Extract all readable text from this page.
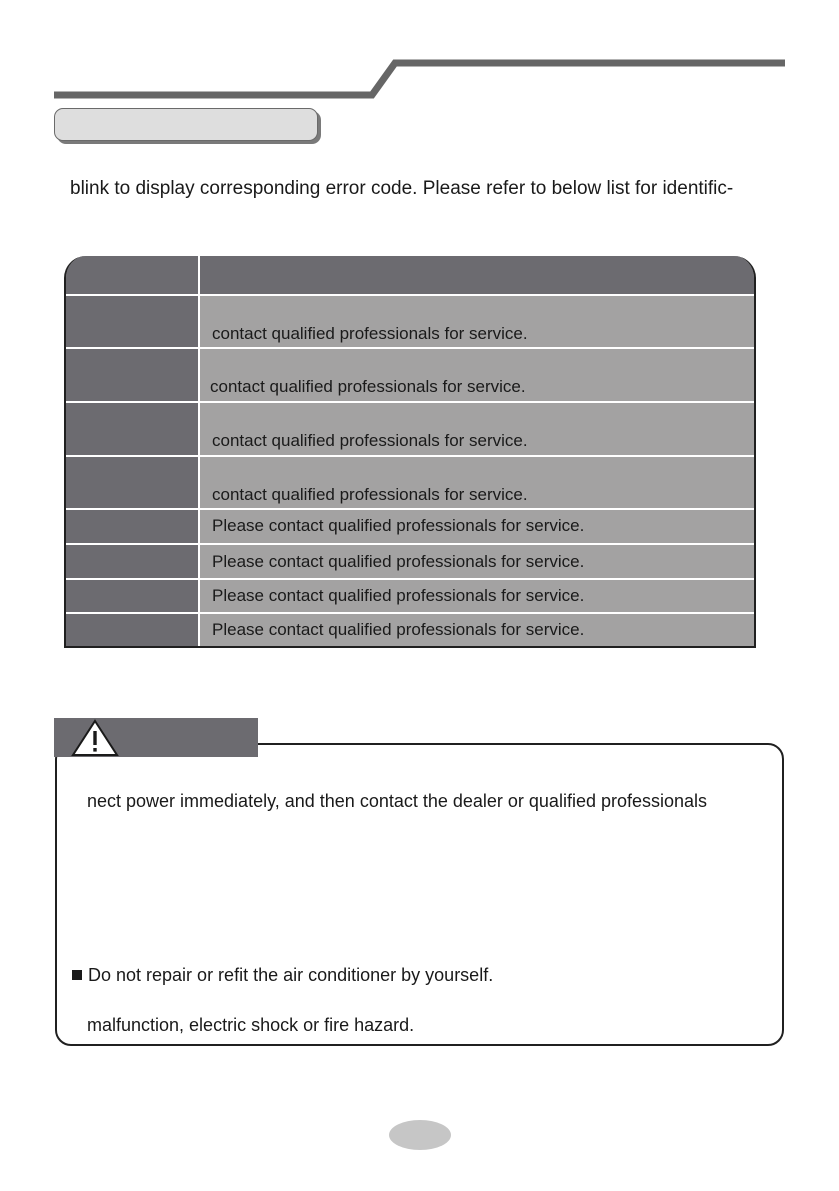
blink to display corresponding error code. Please refer to below list for identific-
contact qualified professionals for service.
contact qualified professionals for service.
contact qualified professionals for service.
contact qualified professionals for service.
Please contact qualified professionals for service.
Please contact qualified professionals for service.
Please contact qualified professionals for service.
Please contact qualified professionals for service.
nect power immediately, and then contact the dealer or qualified professionals
Do not repair or refit the air conditioner by yourself.
malfunction, electric shock or fire hazard.
